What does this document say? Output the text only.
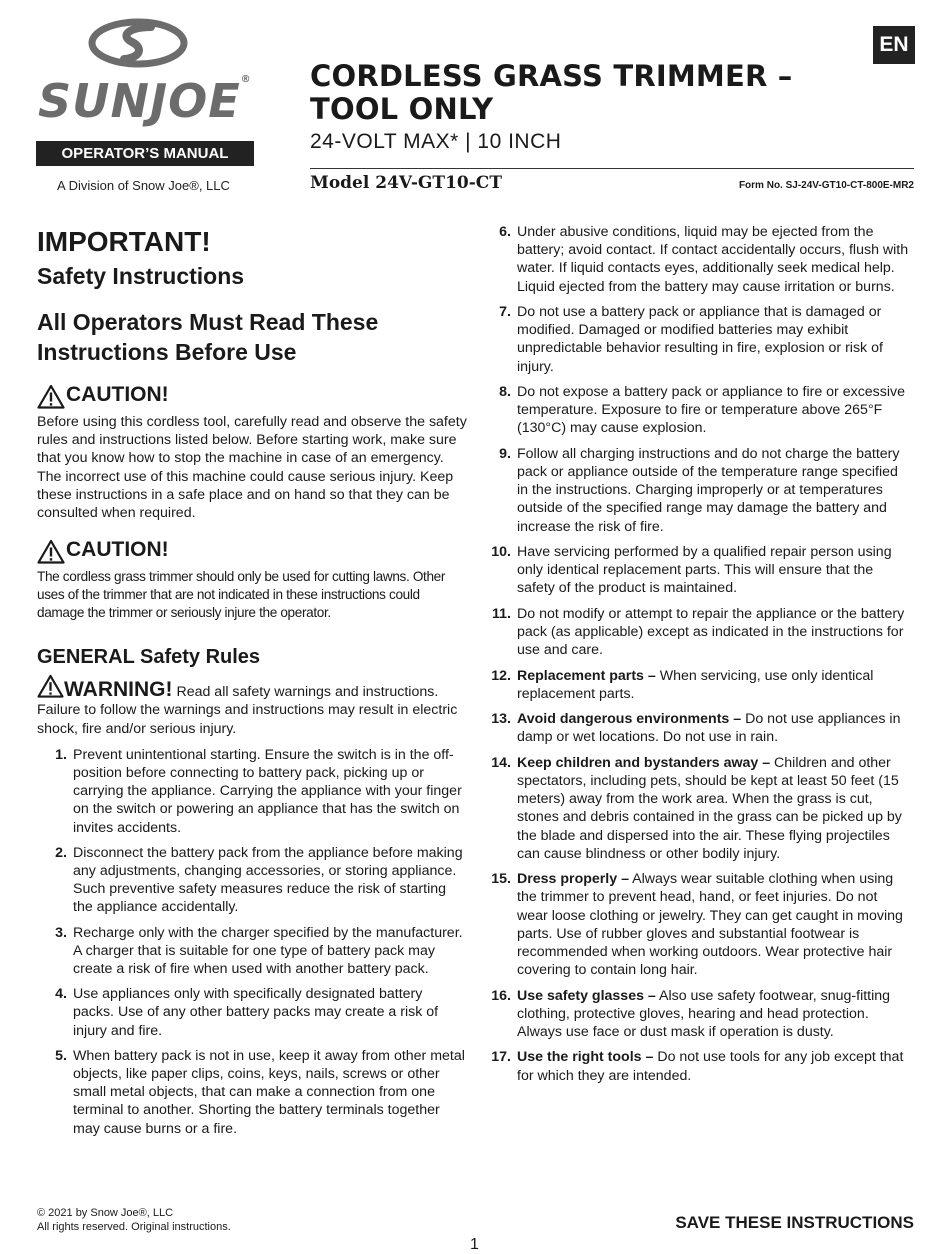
SUNJOE®
OPERATOR’S MANUAL
A Division of Snow Joe®, LLC
CORDLESS GRASS TRIMMER –
TOOL ONLY
24-VOLT MAX* | 10 INCH
Model 24V-GT10-CT	Form No. SJ-24V-GT10-CT-800E-MR2
EN
IMPORTANT!
Safety Instructions
All Operators Must Read These
Instructions Before Use
CAUTION!

Before using this cordless tool, carefully read and observe the safety rules and instructions listed below. Before starting work, make sure that you know how to stop the machine in case of an emergency. The incorrect use of this machine could cause serious injury. Keep these instructions in a safe place and on hand so that they can be consulted when required.

CAUTION!

The cordless grass trimmer should only be used for cutting lawns. Other uses of the trimmer that are not indicated in these instructions could damage the trimmer or seriously injure the operator.

GENERAL Safety Rules

WARNING! Read all safety warnings and instructions. Failure to follow the warnings and instructions may result in electric shock, fire and/or serious injury.

1. Prevent unintentional starting. Ensure the switch is in the off-position before connecting to battery pack, picking up or carrying the appliance. Carrying the appliance with your finger on the switch or powering an appliance that has the switch on invites accidents.
2. Disconnect the battery pack from the appliance before making any adjustments, changing accessories, or storing appliance. Such preventive safety measures reduce the risk of starting the appliance accidentally.
3. Recharge only with the charger specified by the manufacturer. A charger that is suitable for one type of battery pack may create a risk of fire when used with another battery pack.
4. Use appliances only with specifically designated battery packs. Use of any other battery packs may create a risk of injury and fire.
5. When battery pack is not in use, keep it away from other metal objects, like paper clips, coins, keys, nails, screws or other small metal objects, that can make a connection from one terminal to another. Shorting the battery terminals together may cause burns or a fire.
6. Under abusive conditions, liquid may be ejected from the battery; avoid contact. If contact accidentally occurs, flush with water. If liquid contacts eyes, additionally seek medical help. Liquid ejected from the battery may cause irritation or burns.
7. Do not use a battery pack or appliance that is damaged or modified. Damaged or modified batteries may exhibit unpredictable behavior resulting in fire, explosion or risk of injury.
8. Do not expose a battery pack or appliance to fire or excessive temperature. Exposure to fire or temperature above 265°F (130°C) may cause explosion.
9. Follow all charging instructions and do not charge the battery pack or appliance outside of the temperature range specified in the instructions. Charging improperly or at temperatures outside of the specified range may damage the battery and increase the risk of fire.
10. Have servicing performed by a qualified repair person using only identical replacement parts. This will ensure that the safety of the product is maintained.
11. Do not modify or attempt to repair the appliance or the battery pack (as applicable) except as indicated in the instructions for use and care.
12. Replacement parts – When servicing, use only identical replacement parts.
13. Avoid dangerous environments – Do not use appliances in damp or wet locations. Do not use in rain.
14. Keep children and bystanders away – Children and other spectators, including pets, should be kept at least 50 feet (15 meters) away from the work area. When the grass is cut, stones and debris contained in the grass can be picked up by the blade and dispersed into the air. These flying projectiles can cause blindness or other bodily injury.
15. Dress properly – Always wear suitable clothing when using the trimmer to prevent head, hand, or feet injuries. Do not wear loose clothing or jewelry. They can get caught in moving parts. Use of rubber gloves and substantial footwear is recommended when working outdoors. Wear protective hair covering to contain long hair.
16. Use safety glasses – Also use safety footwear, snug-fitting clothing, protective gloves, hearing and head protection. Always use face or dust mask if operation is dusty.
17. Use the right tools – Do not use tools for any job except that for which they are intended.
© 2021 by Snow Joe®, LLC
All rights reserved. Original instructions.	SAVE THESE INSTRUCTIONS
1
